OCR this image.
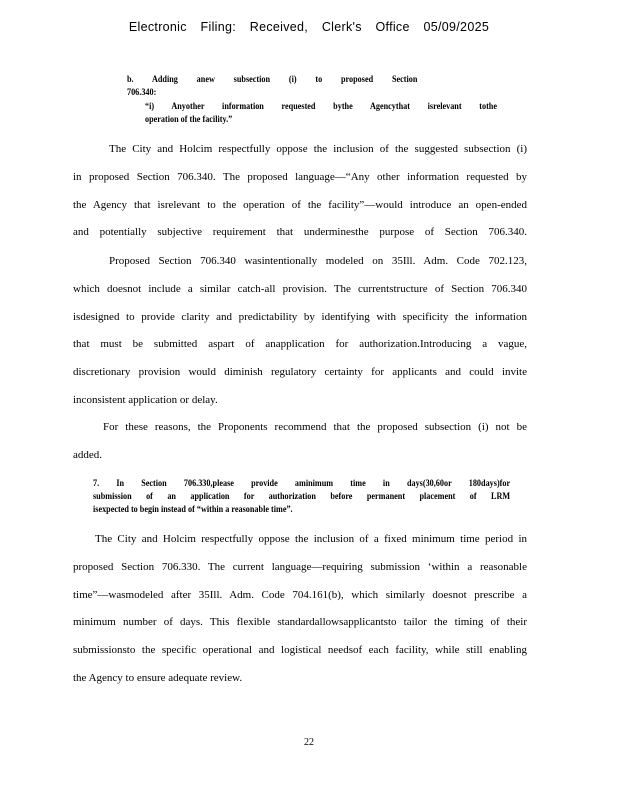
Electronic Filing: Received, Clerk's Office 05/09/2025
b. Adding anew subsection (i) to proposed Section 706.340:
“i) Anyother information requested bythe Agencythat isrelevant tothe
operation of the facility.”
The City and Holcim respectfully oppose the inclusion of the suggested subsection (i)
in proposed Section 706.340. The proposed language—“Any other information requested by
the Agency that isrelevant to the operation of the facility”—would introduce an open-ended
and potentially subjective requirement that underminesthe purpose of Section 706.340.
Proposed Section 706.340 wasintentionally modeled on 35Ill. Adm. Code 702.123,
which doesnot include a similar catch-all provision. The currentstructure of Section 706.340
isdesigned to provide clarity and predictability by identifying with specificity the information
that must be submitted aspart of anapplication for authorization.Introducing a vague,
discretionary provision would diminish regulatory certainty for applicants and could invite
inconsistent application or delay.
For these reasons, the Proponents recommend that the proposed subsection (i) not be
added.
7. In Section 706.330,please provide aminimum time in days(30,60or 180days)for
submission of an application for authorization before permanent placement of LRM
isexpected to begin instead of “within a reasonable time”.
The City and Holcim respectfully oppose the inclusion of a fixed minimum time period in
proposed Section 706.330. The current language—requiring submission ‘within a reasonable
time”—wasmodeled after 35Ill. Adm. Code 704.161(b), which similarly doesnot prescribe a
minimum number of days. This flexible standardallowsapplicantsto tailor the timing of their
submissionsto the specific operational and logistical needsof each facility, while still enabling
the Agency to ensure adequate review.
22
